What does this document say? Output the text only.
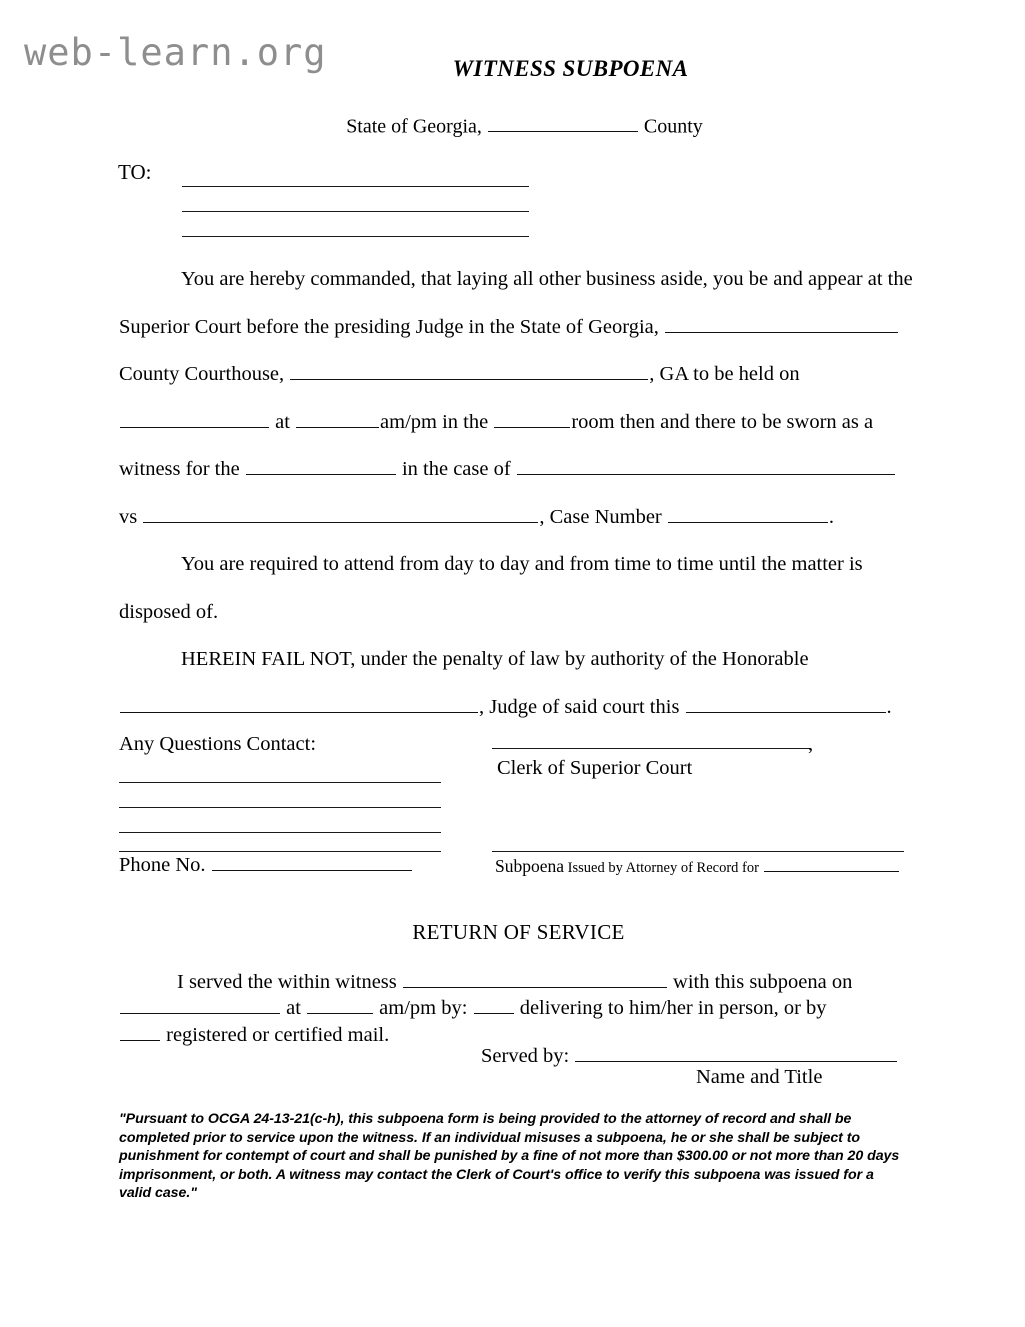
web-learn.org	WITNESS SUBPOENA
State of Georgia,	County
TO:

You are hereby commanded, that laying all other business aside, you be and appear at the

Superior Court before the presiding Judge in the State of Georgia,

County Courthouse,	, GA to be held on

at	am/pm in the	room then and there to be sworn as a

witness for the	in the case of

vs	, Case Number	.

You are required to attend from day to day and from time to time until the matter is

disposed of.

HEREIN FAIL NOT, under the penalty of law by authority of the Honorable

, Judge of said court this	.

Any Questions Contact:
Phone No.
,
Clerk of Superior Court
Subpoena Issued by Attorney of Record for
RETURN OF SERVICE

I served the within witness	with this subpoena on

at	am/pm by:	delivering to him/her in person, or by

registered or certified mail.

Served by:
Name and Title
"Pursuant to OCGA 24-13-21(c-h), this subpoena form is being provided to the attorney of record and shall be completed prior to service upon the witness. If an individual misuses a subpoena, he or she shall be subject to punishment for contempt of court and shall be punished by a fine of not more than $300.00 or not more than 20 days imprisonment, or both. A witness may contact the Clerk of Court's office to verify this subpoena was issued for a valid case."
